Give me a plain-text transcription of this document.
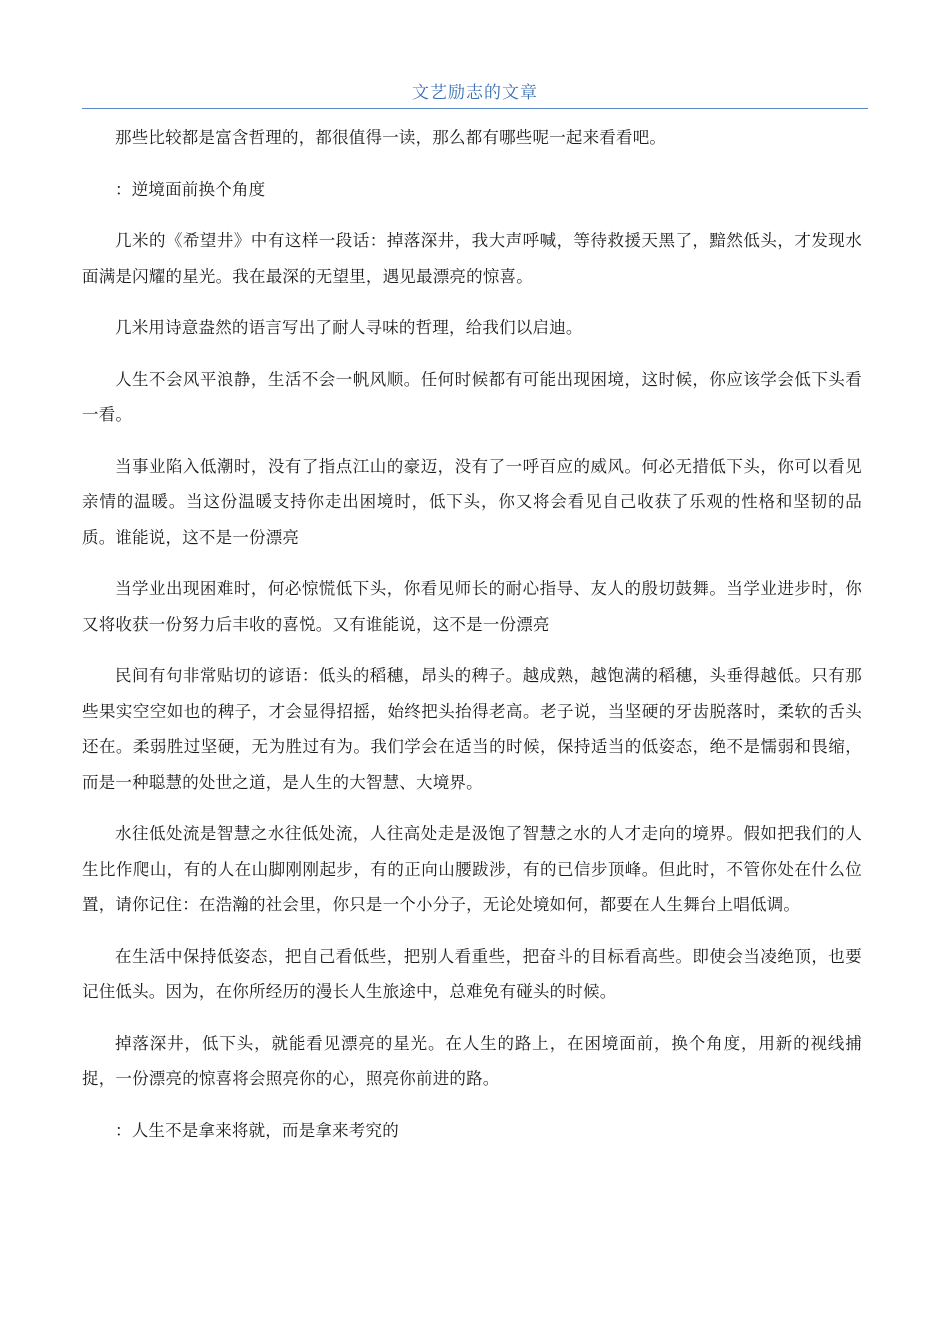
文艺励志的文章

那些比较都是富含哲理的，都很值得一读，那么都有哪些呢一起来看看吧。

：逆境面前换个角度

几米的《希望井》中有这样一段话：掉落深井，我大声呼喊，等待救援天黑了，黯然低头，才发现水面满是闪耀的星光。我在最深的无望里，遇见最漂亮的惊喜。

几米用诗意盎然的语言写出了耐人寻味的哲理，给我们以启迪。

人生不会风平浪静，生活不会一帆风顺。任何时候都有可能出现困境，这时候，你应该学会低下头看一看。

当事业陷入低潮时，没有了指点江山的豪迈，没有了一呼百应的威风。何必无措低下头，你可以看见亲情的温暖。当这份温暖支持你走出困境时，低下头，你又将会看见自己收获了乐观的性格和坚韧的品质。谁能说，这不是一份漂亮

当学业出现困难时，何必惊慌低下头，你看见师长的耐心指导、友人的殷切鼓舞。当学业进步时，你又将收获一份努力后丰收的喜悦。又有谁能说，这不是一份漂亮

民间有句非常贴切的谚语：低头的稻穗，昂头的稗子。越成熟，越饱满的稻穗，头垂得越低。只有那些果实空空如也的稗子，才会显得招摇，始终把头抬得老高。老子说，当坚硬的牙齿脱落时，柔软的舌头还在。柔弱胜过坚硬，无为胜过有为。我们学会在适当的时候，保持适当的低姿态，绝不是懦弱和畏缩，而是一种聪慧的处世之道，是人生的大智慧、大境界。

水往低处流是智慧之水往低处流，人往高处走是汲饱了智慧之水的人才走向的境界。假如把我们的人生比作爬山，有的人在山脚刚刚起步，有的正向山腰跋涉，有的已信步顶峰。但此时，不管你处在什么位置，请你记住：在浩瀚的社会里，你只是一个小分子，无论处境如何，都要在人生舞台上唱低调。

在生活中保持低姿态，把自己看低些，把别人看重些，把奋斗的目标看高些。即使会当凌绝顶，也要记住低头。因为，在你所经历的漫长人生旅途中，总难免有碰头的时候。

掉落深井，低下头，就能看见漂亮的星光。在人生的路上，在困境面前，换个角度，用新的视线捕捉，一份漂亮的惊喜将会照亮你的心，照亮你前进的路。

：人生不是拿来将就，而是拿来考究的
